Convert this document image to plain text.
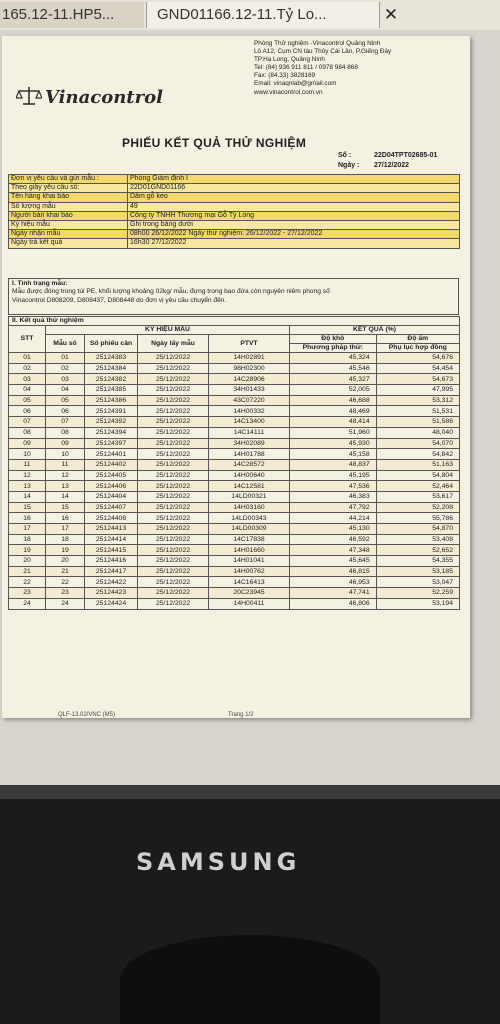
165.12-11.HP5...	GND01166.12-11.Tỷ Lo...	✕
Vinacontrol
Phòng Thử nghiệm -Vinacontrol Quảng Ninh
Lô A12, Cụm CN tàu Thủy Cái Lân, P.Giếng Đáy
TP.Hạ Long, Quảng Ninh
Tel: (84) 936 911 811 / 0978 984 868
Fax: (84.33) 3828169
Email: vinaqnlab@gmail.com
www.vinacontrol.com.vn
PHIẾU KẾT QUẢ THỬ NGHIỆM
Số :	22D04TPT02685-01
Ngày : 27/12/2022
Đơn vị yêu cầu và gửi mẫu :	Phòng Giám định I
Theo giấy yêu cầu số:	22D01GND01166
Tên hàng khai báo	Dăm gỗ keo
Số lượng mẫu	49
Người bán khai báo	Công ty TNHH Thương mại Gỗ Tỷ Long
Ký hiệu mẫu	Ghi trong bảng dưới
Ngày nhận mẫu	08h00 26/12/2022 Ngày thử nghiệm: 26/12/2022 - 27/12/2022
Ngày trả kết quả	16h30 27/12/2022
I. Tình trạng mẫu:
Mẫu được đóng trong túi PE, khối lượng khoảng 02kg/ mẫu, đựng trong bao đứa còn nguyên niêm phong số
Vinacontrol D808209, D808437, D808448 do đơn vị yêu cầu chuyển đến.
II. Kết quả thử nghiệm						
STT	KÝ HIỆU MẪU				KẾT QUẢ (%)	
	Mẫu số	Số phiếu cân	Ngày lấy mẫu	PTVT	Độ khô	Độ ẩm
					Phương pháp thử:	Phụ lục hợp đồng
01	01	25124383	25/12/2022	14H02891	45,324	54,676
02	02	25124384	25/12/2022	98H02300	45,546	54,454
03	03	25124382	25/12/2022	14C28906	45,327	54,673
04	04	25124385	25/12/2022	34H01433	52,005	47,995
05	05	25124386	25/12/2022	43C07220	46,688	53,312
06	06	25124391	25/12/2022	14H00332	48,469	51,531
07	07	25124392	25/12/2022	14C13400	48,414	51,586
08	08	25124394	25/12/2022	14C14111	51,960	48,040
09	09	25124397	25/12/2022	34H02089	45,930	54,070
10	10	25124401	25/12/2022	14H01788	45,158	54,842
11	11	25124402	25/12/2022	14C28572	48,837	51,163
12	12	25124405	25/12/2022	14H00640	45,195	54,804
13	13	25124406	25/12/2022	14C12581	47,536	52,464
14	14	25124404	25/12/2022	14LD00321	46,383	53,617
15	15	25124407	25/12/2022	14H03160	47,792	52,208
16	16	25124408	25/12/2022	14LD00343	44,214	55,786
17	17	25124413	25/12/2022	14LD00309	45,130	54,870
18	18	25124414	25/12/2022	14C17838	46,592	53,408
19	19	25124415	25/12/2022	14H01660	47,348	52,652
20	20	25124416	25/12/2022	14H01041	45,645	54,355
21	21	25124417	25/12/2022	14H00762	46,815	53,185
22	22	25124422	25/12/2022	14C16413	46,953	53,047
23	23	25124423	25/12/2022	20C23945	47,741	52,259
24	24	25124424	25/12/2022	14H00411	46,806	53,194
QLF-13.02/VNC (M5)	Trang 1/2
SAMSUNG
